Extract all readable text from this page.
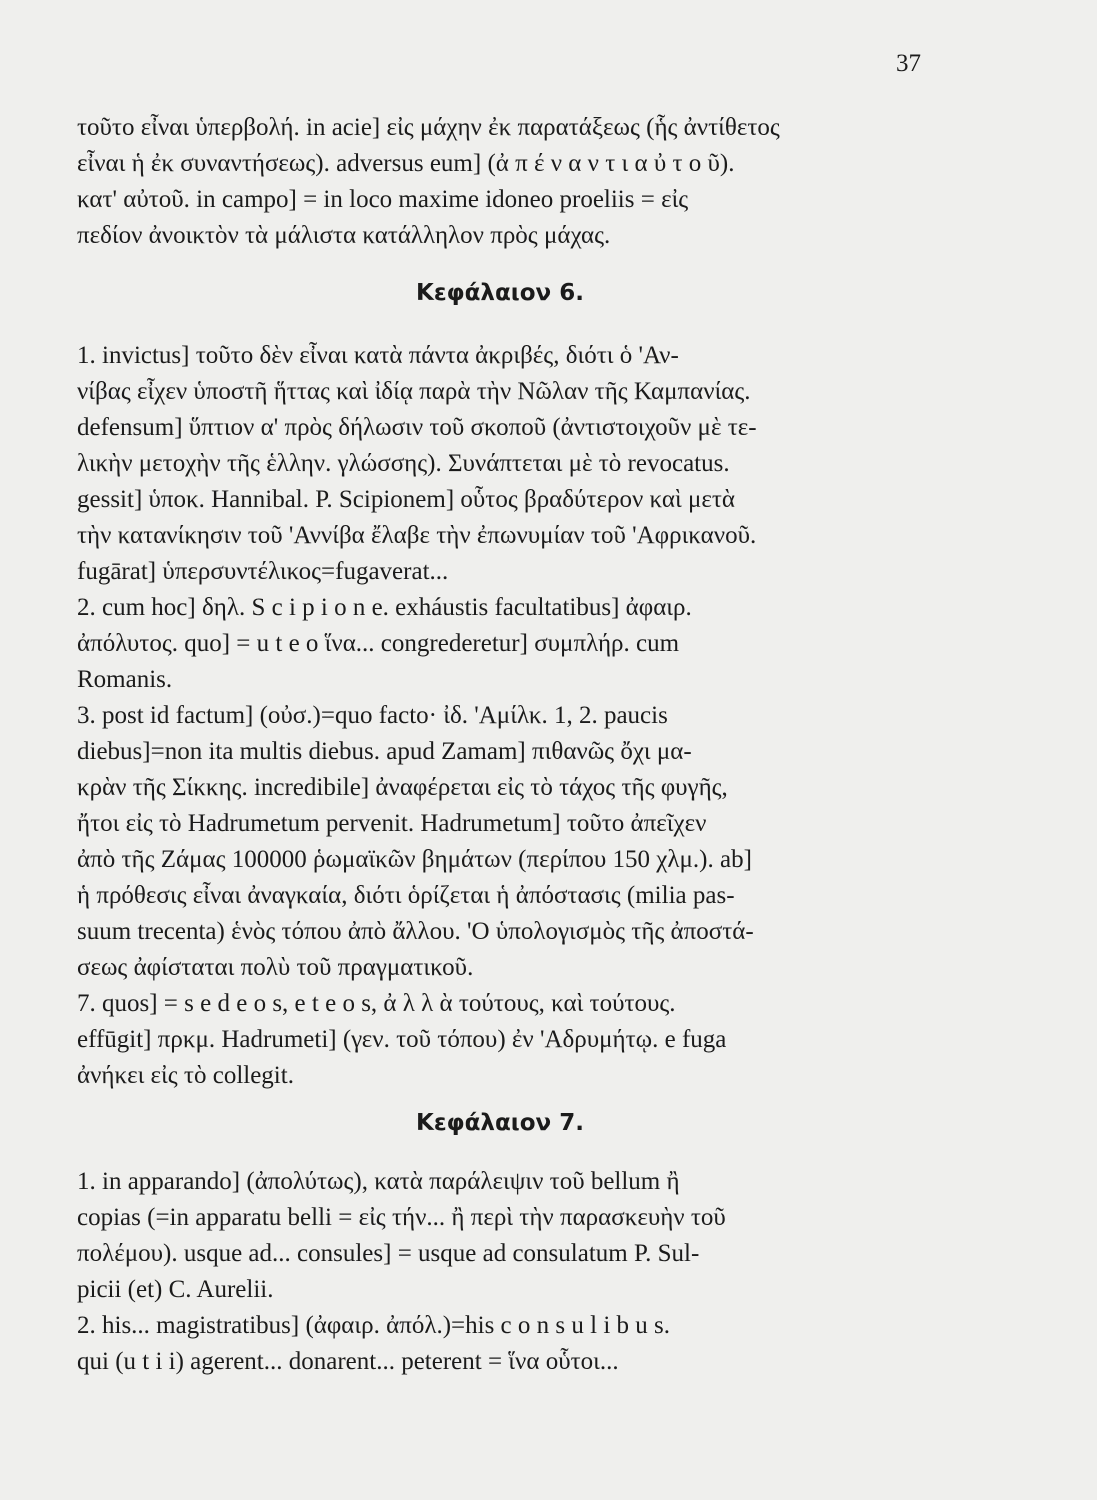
37
τοῦτο εἶναι ὑπερβολή. in acie] εἰς μάχην ἐκ παρατάξεως (ἧς ἀντίθετος
εἶναι ἡ ἐκ συναντήσεως). adversus eum] (ἀ π έ ν α ν τ ι α ὐ τ ο ῦ).
κατ' αὐτοῦ. in campo] = in loco maxime idoneo proeliis = εἰς
πεδίον ἀνοικτὸν τὰ μάλιστα κατάλληλον πρὸς μάχας.
Κεφάλαιον 6.
1. invictus] τοῦτο δὲν εἶναι κατὰ πάντα ἀκριβές, διότι ὁ 'Αν-
νίβας εἶχεν ὑποστῆ ἥττας καὶ ἰδίᾳ παρὰ τὴν Νῶλαν τῆς Καμπανίας.
defensum] ὕπτιον α' πρὸς δήλωσιν τοῦ σκοποῦ (ἀντιστοιχοῦν μὲ τε-
λικὴν μετοχὴν τῆς ἑλλην. γλώσσης). Συνάπτεται μὲ τὸ revocatus.
gessit] ὑποκ. Hannibal. P. Scipionem] οὗτος βραδύτερον καὶ μετὰ
τὴν κατανίκησιν τοῦ 'Αννίβα ἔλαβε τὴν ἐπωνυμίαν τοῦ 'Αφρικανοῦ.
fugārat] ὑπερσυντέλικος=fugaverat...
2. cum hoc] δηλ. S c i p i o n e. exháustis facultatibus] ἀφαιρ.
ἀπόλυτος. quo] = u t e o ἵνα... congrederetur] συμπλήρ. cum
Romanis.
3. post id factum] (οὐσ.)=quo facto· ἰδ. 'Αμίλκ. 1, 2. paucis
diebus]=non ita multis diebus. apud Zamam] πιθανῶς ὄχι μα-
κρὰν τῆς Σίκκης. incredibile] ἀναφέρεται εἰς τὸ τάχος τῆς φυγῆς,
ἤτοι εἰς τὸ Hadrumetum pervenit. Hadrumetum] τοῦτο ἀπεῖχεν
ἀπὸ τῆς Ζάμας 100000 ῥωμαϊκῶν βημάτων (περίπου 150 χλμ.). ab]
ἡ πρόθεσις εἶναι ἀναγκαία, διότι ὁρίζεται ἡ ἀπόστασις (milia pas-
suum trecenta) ἑνὸς τόπου ἀπὸ ἄλλου. 'Ο ὑπολογισμὸς τῆς ἀποστά-
σεως ἀφίσταται πολὺ τοῦ πραγματικοῦ.
7. quos] = s e d e o s, e t e o s, ἀ λ λ ὰ τούτους, καὶ τούτους.
effūgit] πρκμ. Hadrumeti] (γεν. τοῦ τόπου) ἐν 'Αδρυμήτῳ. e fuga
ἀνήκει εἰς τὸ collegit.
Κεφάλαιον 7.
1. in apparando] (ἀπολύτως), κατὰ παράλειψιν τοῦ bellum ἢ
copias (=in apparatu belli = εἰς τήν... ἢ περὶ τὴν παρασκευὴν τοῦ
πολέμου). usque ad... consules] = usque ad consulatum P. Sul-
picii (et) C. Aurelii.
2. his... magistratibus] (ἀφαιρ. ἀπόλ.)=his c o n s u l i b u s.
qui (u t i i) agerent... donarent... peterent = ἵνα οὗτοι...
